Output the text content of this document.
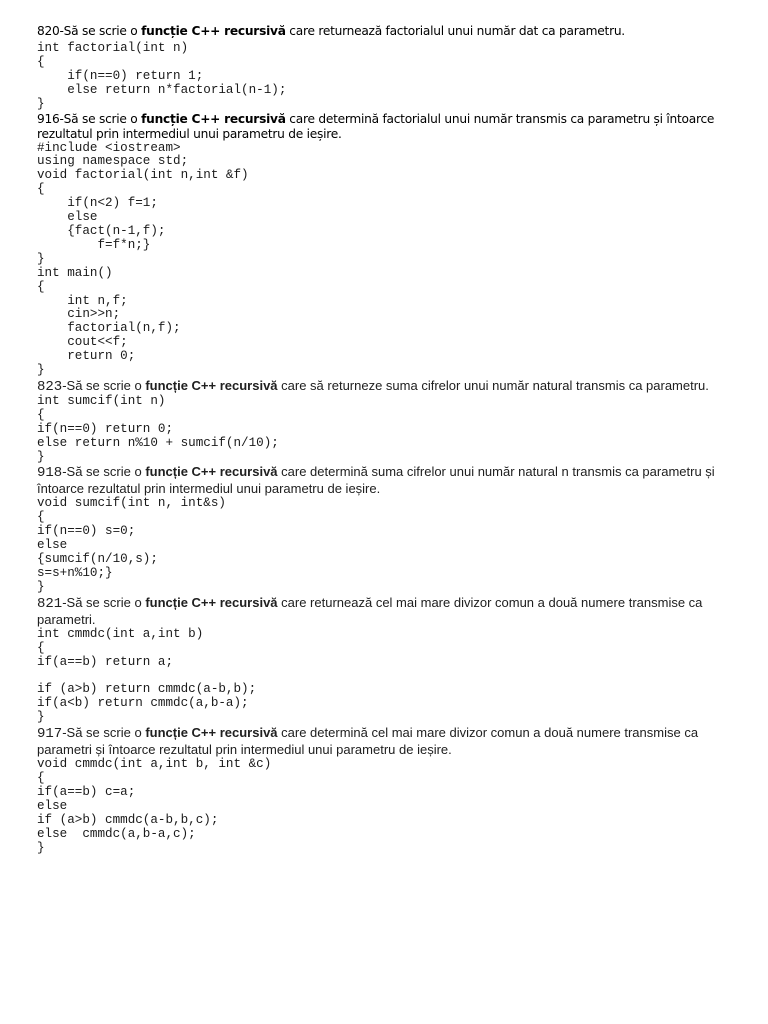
820-Să se scrie o funcție C++ recursivă care returnează factorialul unui număr dat ca parametru.

int factorial(int n)
{
if(n==0) return 1;
else return n*factorial(n-1);
}

916-Să se scrie o funcție C++ recursivă care determină factorialul unui număr transmis ca parametru și întoarce rezultatul prin intermediul unui parametru de ieșire.

#include <iostream>
using namespace std;
void factorial(int n,int &f)
{
if(n<2) f=1;
else
{fact(n-1,f);
f=f*n;}
}
int main()
{
int n,f;
cin>>n;
factorial(n,f);
cout<<f;
return 0;
}

823-Să se scrie o funcție C++ recursivă care să returneze suma cifrelor unui număr natural transmis ca parametru.

int sumcif(int n)
{
if(n==0) return 0;
else return n%10 + sumcif(n/10);
}

918-Să se scrie o funcție C++ recursivă care determină suma cifrelor unui număr natural n transmis ca parametru și întoarce rezultatul prin intermediul unui parametru de ieșire.

void sumcif(int n, int&s)
{
if(n==0) s=0;
else
{sumcif(n/10,s);
s=s+n%10;}
}

821-Să se scrie o funcție C++ recursivă care returnează cel mai mare divizor comun a două numere transmise ca parametri.

int cmmdc(int a,int b)
{
if(a==b) return a;

if (a>b) return cmmdc(a-b,b);
if(a<b) return cmmdc(a,b-a);
}

917-Să se scrie o funcție C++ recursivă care determină cel mai mare divizor comun a două numere transmise ca parametri și întoarce rezultatul prin intermediul unui parametru de ieșire.

void cmmdc(int a,int b, int &c)
{
if(a==b) c=a;
else
if (a>b) cmmdc(a-b,b,c);
else  cmmdc(a,b-a,c);
}
